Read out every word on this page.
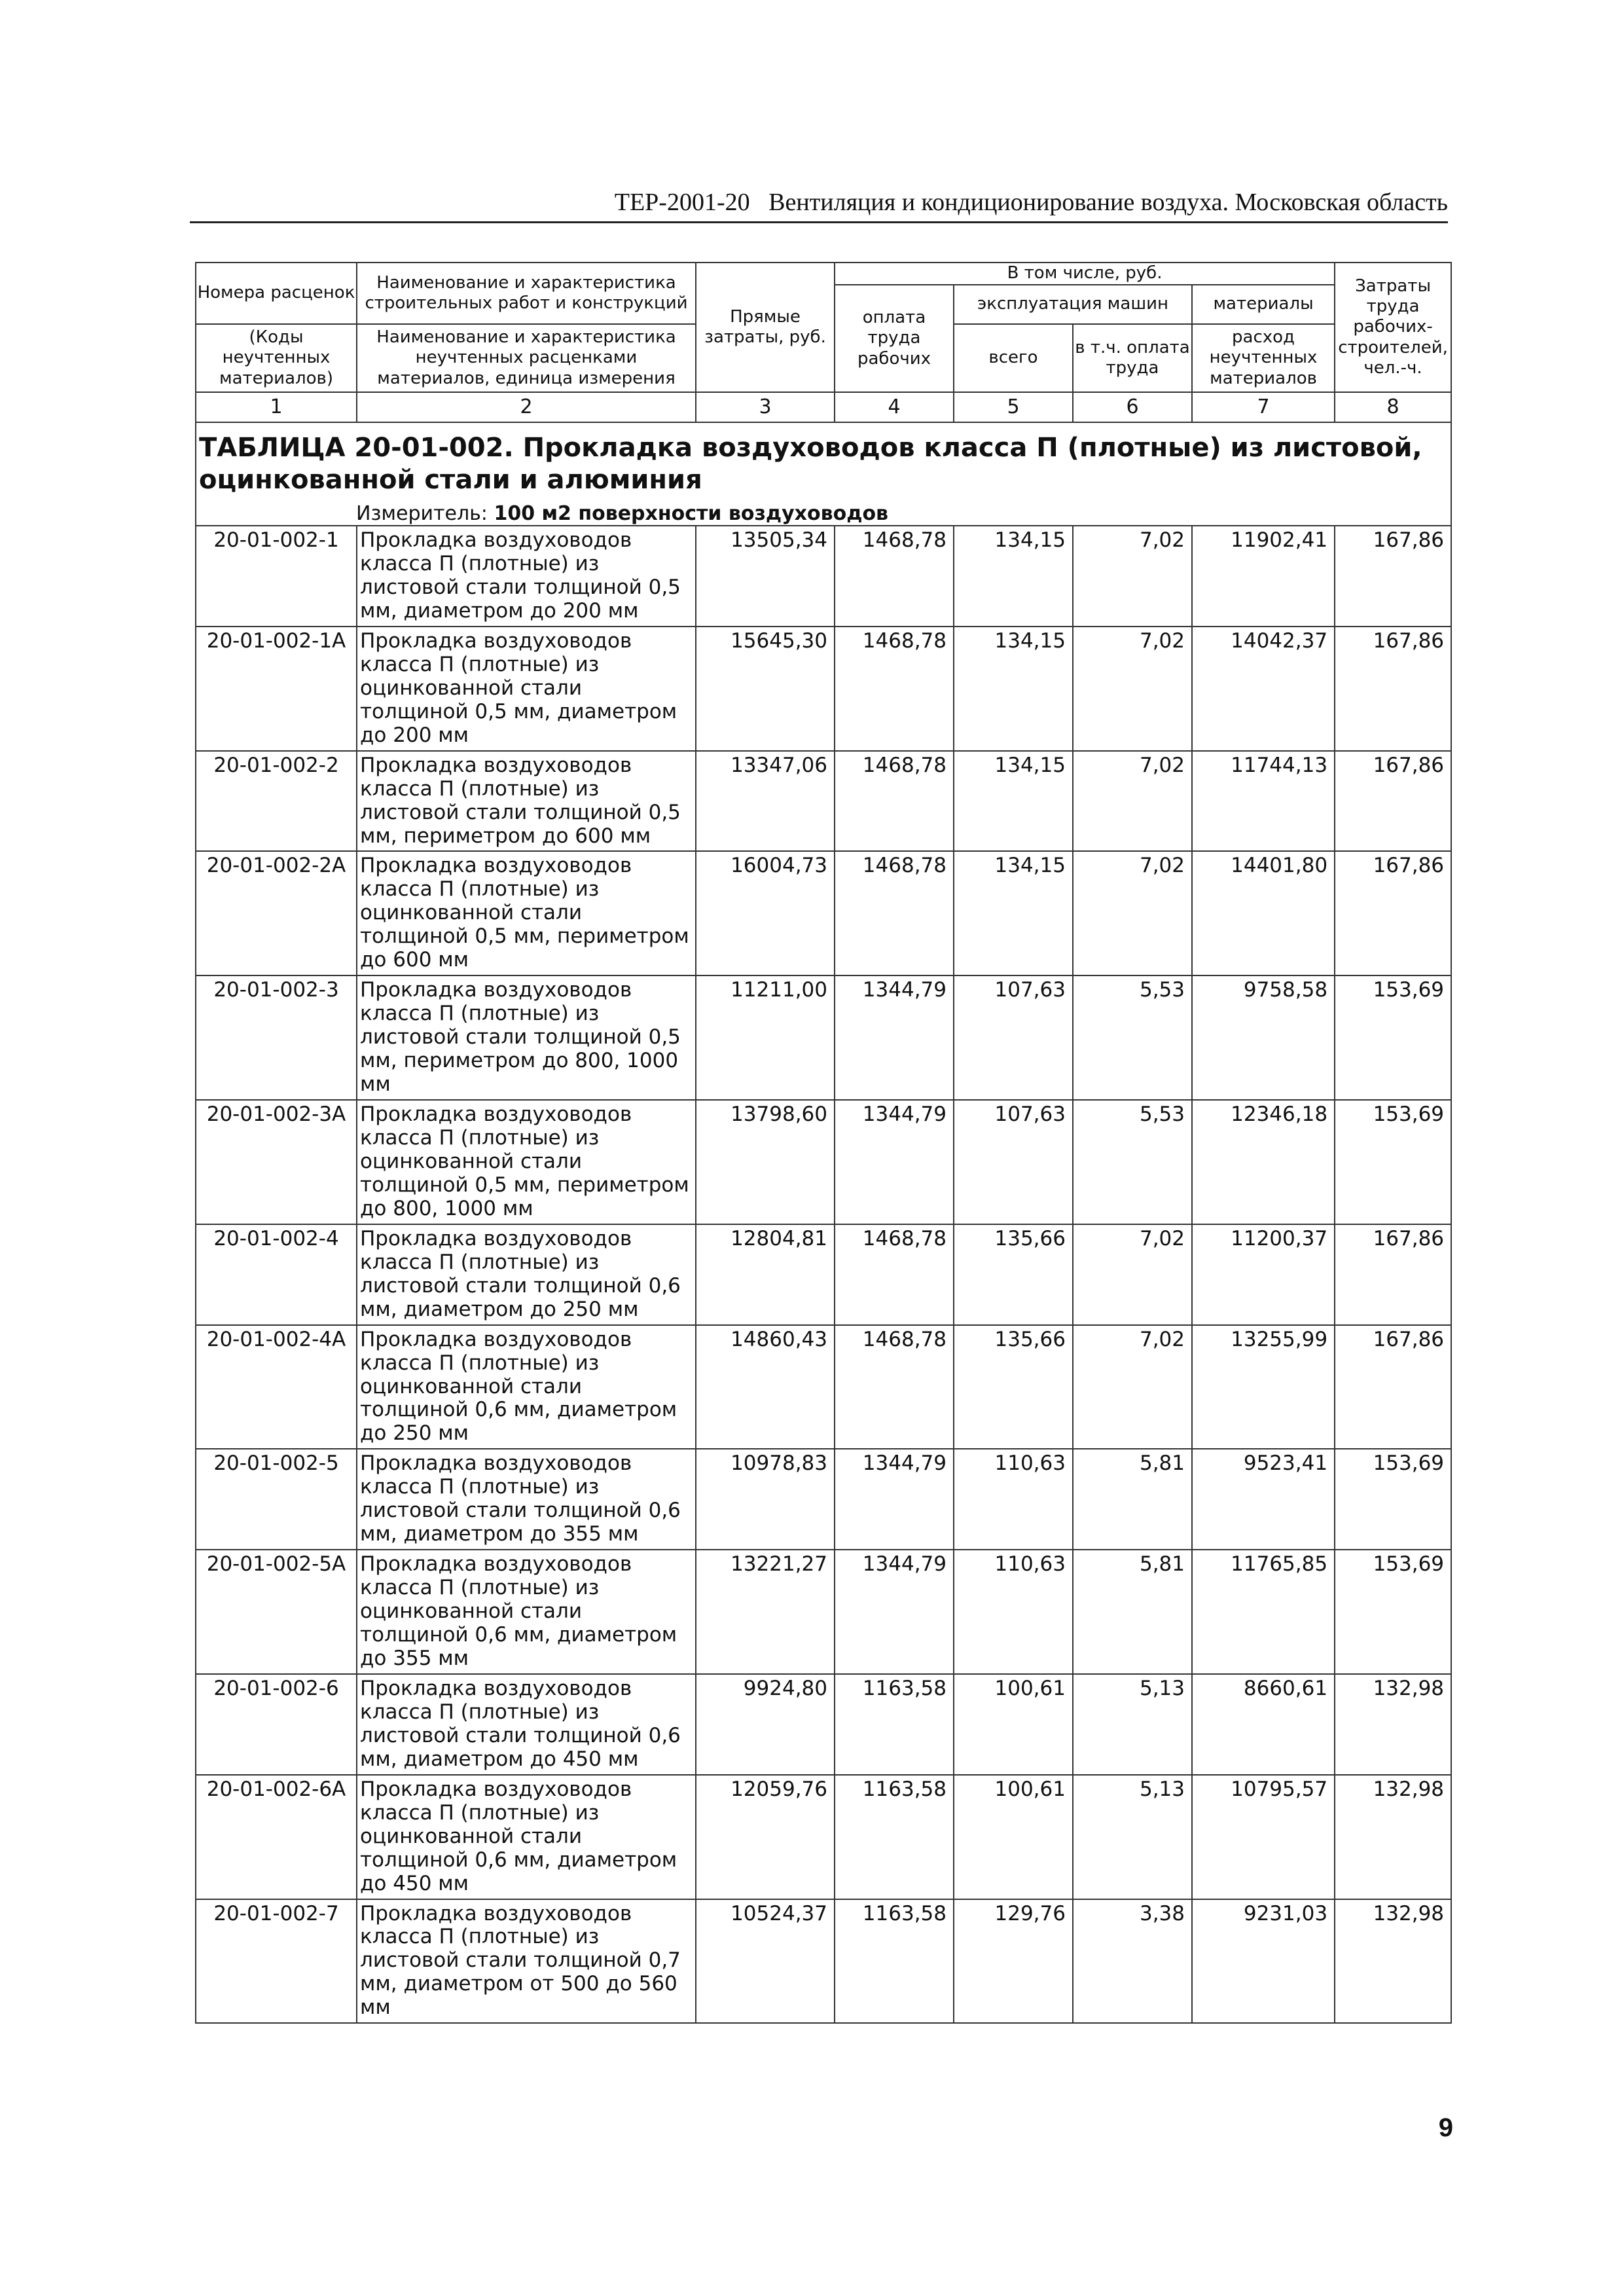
ТЕР-2001-20   Вентиляция и кондиционирование воздуха. Московская область
Номера расценок	Наименование и характеристика строительных работ и конструкций	Прямые затраты, руб.	В том числе, руб.				Затраты труда рабочих-строителей, чел.-ч.
			оплата труда рабочих	эксплуатация машин		материалы	
(Коды неучтенных материалов)	Наименование и характеристика неучтенных расценками материалов, единица измерения			всего	в т.ч. оплата труда	расход неучтенных материалов	

1	2	3	4	5	6	7	8

ТАБЛИЦА 20-01-002. Прокладка воздуховодов класса П (плотные) из листовой, оцинкованной стали и алюминия
Измеритель: 100 м2 поверхности воздуховодов							

20-01-002-1	Прокладка воздуховодов класса П (плотные) из листовой стали толщиной 0,5 мм, диаметром до 200 мм	13505,34	1468,78	134,15	7,02	11902,41	167,86
20-01-002-1А	Прокладка воздуховодов класса П (плотные) из оцинкованной стали толщиной 0,5 мм, диаметром до 200 мм	15645,30	1468,78	134,15	7,02	14042,37	167,86
20-01-002-2	Прокладка воздуховодов класса П (плотные) из листовой стали толщиной 0,5 мм, периметром до 600 мм	13347,06	1468,78	134,15	7,02	11744,13	167,86
20-01-002-2А	Прокладка воздуховодов класса П (плотные) из оцинкованной стали толщиной 0,5 мм, периметром до 600 мм	16004,73	1468,78	134,15	7,02	14401,80	167,86
20-01-002-3	Прокладка воздуховодов класса П (плотные) из листовой стали толщиной 0,5 мм, периметром до 800, 1000 мм	11211,00	1344,79	107,63	5,53	9758,58	153,69
20-01-002-3А	Прокладка воздуховодов класса П (плотные) из оцинкованной стали толщиной 0,5 мм, периметром до 800, 1000 мм	13798,60	1344,79	107,63	5,53	12346,18	153,69
20-01-002-4	Прокладка воздуховодов класса П (плотные) из листовой стали толщиной 0,6 мм, диаметром до 250 мм	12804,81	1468,78	135,66	7,02	11200,37	167,86
20-01-002-4А	Прокладка воздуховодов класса П (плотные) из оцинкованной стали толщиной 0,6 мм, диаметром до 250 мм	14860,43	1468,78	135,66	7,02	13255,99	167,86
20-01-002-5	Прокладка воздуховодов класса П (плотные) из листовой стали толщиной 0,6 мм, диаметром до 355 мм	10978,83	1344,79	110,63	5,81	9523,41	153,69
20-01-002-5А	Прокладка воздуховодов класса П (плотные) из оцинкованной стали толщиной 0,6 мм, диаметром до 355 мм	13221,27	1344,79	110,63	5,81	11765,85	153,69
20-01-002-6	Прокладка воздуховодов класса П (плотные) из листовой стали толщиной 0,6 мм, диаметром до 450 мм	9924,80	1163,58	100,61	5,13	8660,61	132,98
20-01-002-6А	Прокладка воздуховодов класса П (плотные) из оцинкованной стали толщиной 0,6 мм, диаметром до 450 мм	12059,76	1163,58	100,61	5,13	10795,57	132,98
20-01-002-7	Прокладка воздуховодов класса П (плотные) из листовой стали толщиной 0,7 мм, диаметром от 500 до 560 мм	10524,37	1163,58	129,76	3,38	9231,03	132,98
9
